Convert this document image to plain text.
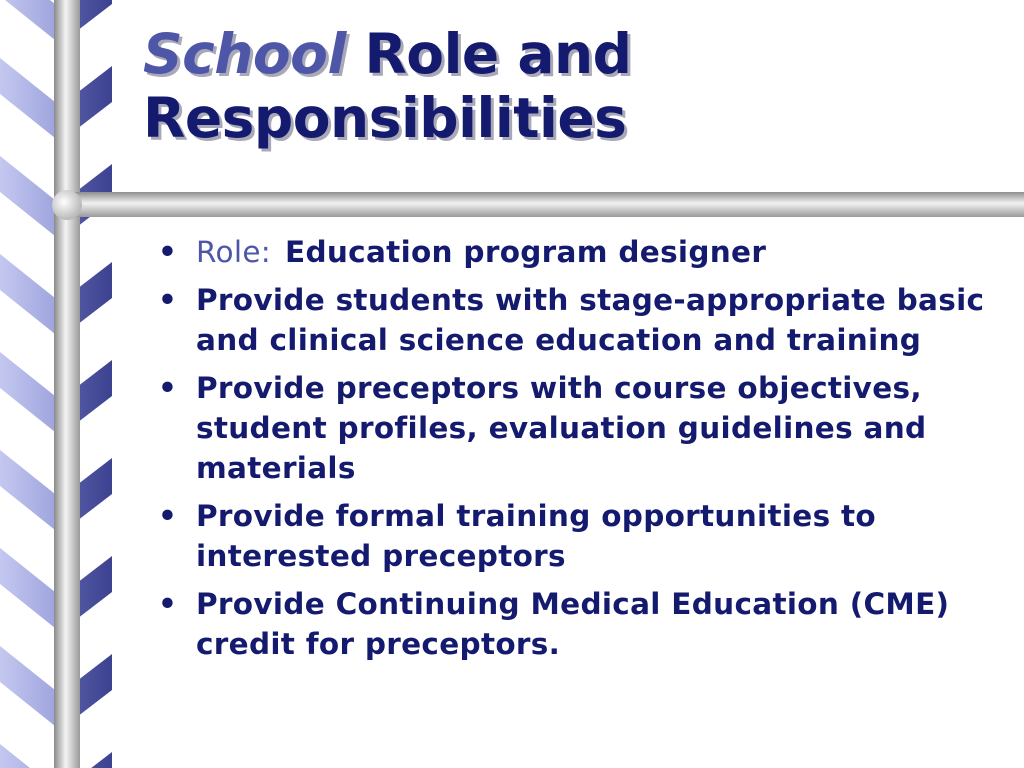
School Role and Responsibilities
• Role: Education program designer
• Provide students with stage-appropriate basic and clinical science education and training
• Provide preceptors with course objectives, student profiles, evaluation guidelines and materials
• Provide formal training opportunities to interested preceptors
• Provide Continuing Medical Education (CME) credit for preceptors.
